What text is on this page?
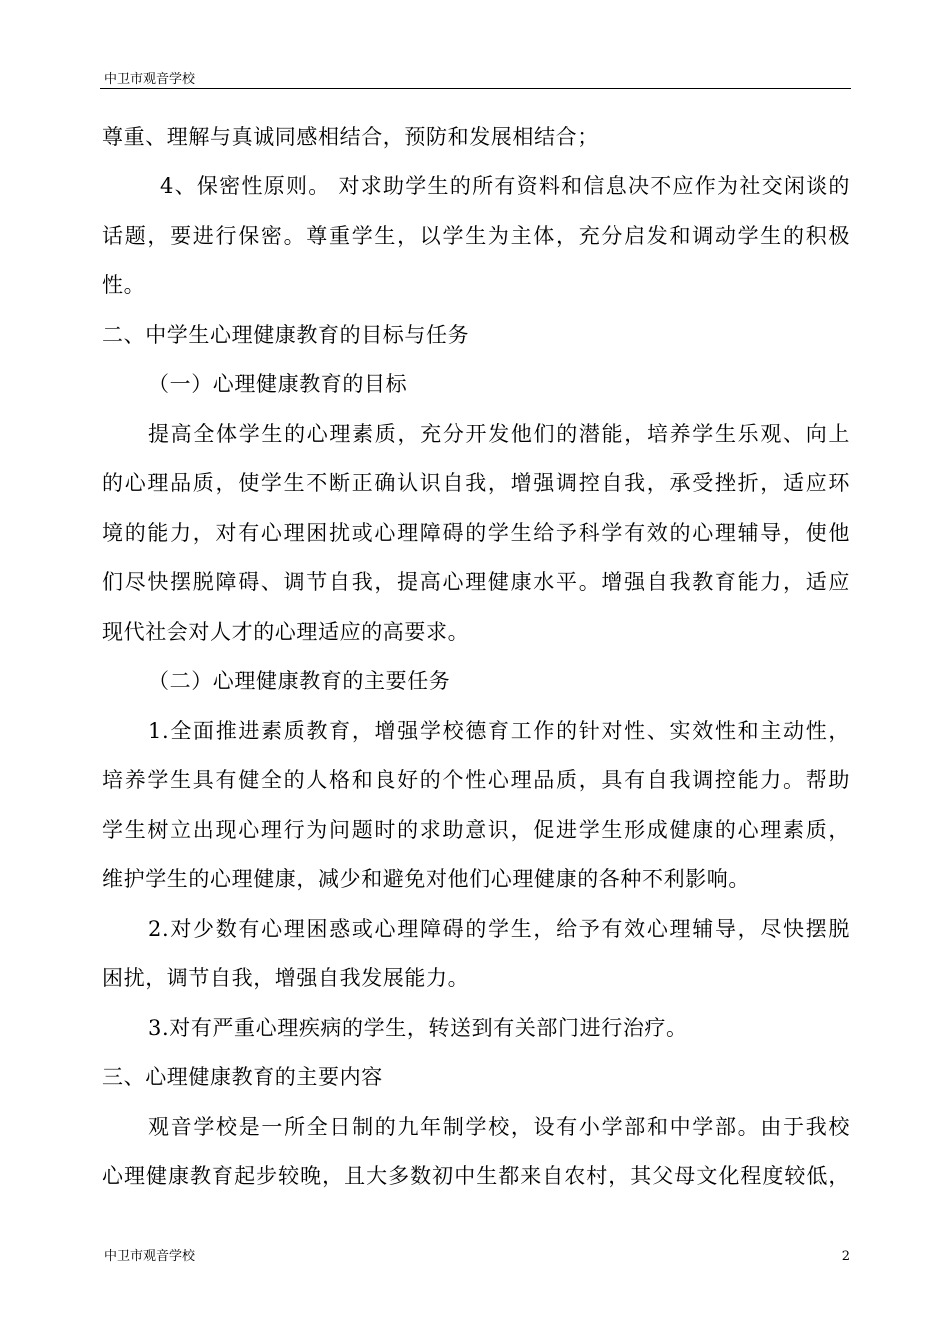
中卫市观音学校
尊重、理解与真诚同感相结合，预防和发展相结合；
4、保密性原则。 对求助学生的所有资料和信息决不应作为社交闲谈的
话题，要进行保密。尊重学生，以学生为主体，充分启发和调动学生的积极
性。
二、中学生心理健康教育的目标与任务
（一）心理健康教育的目标
提高全体学生的心理素质，充分开发他们的潜能，培养学生乐观、向上
的心理品质，使学生不断正确认识自我，增强调控自我，承受挫折，适应环
境的能力，对有心理困扰或心理障碍的学生给予科学有效的心理辅导，使他
们尽快摆脱障碍、调节自我，提高心理健康水平。增强自我教育能力，适应
现代社会对人才的心理适应的高要求。
（二）心理健康教育的主要任务
1.全面推进素质教育，增强学校德育工作的针对性、实效性和主动性，
培养学生具有健全的人格和良好的个性心理品质，具有自我调控能力。帮助
学生树立出现心理行为问题时的求助意识，促进学生形成健康的心理素质，
维护学生的心理健康，减少和避免对他们心理健康的各种不利影响。
2.对少数有心理困惑或心理障碍的学生，给予有效心理辅导，尽快摆脱
困扰，调节自我，增强自我发展能力。
3.对有严重心理疾病的学生，转送到有关部门进行治疗。
三、心理健康教育的主要内容
观音学校是一所全日制的九年制学校，设有小学部和中学部。由于我校
心理健康教育起步较晚，且大多数初中生都来自农村，其父母文化程度较低，
中卫市观音学校	2
